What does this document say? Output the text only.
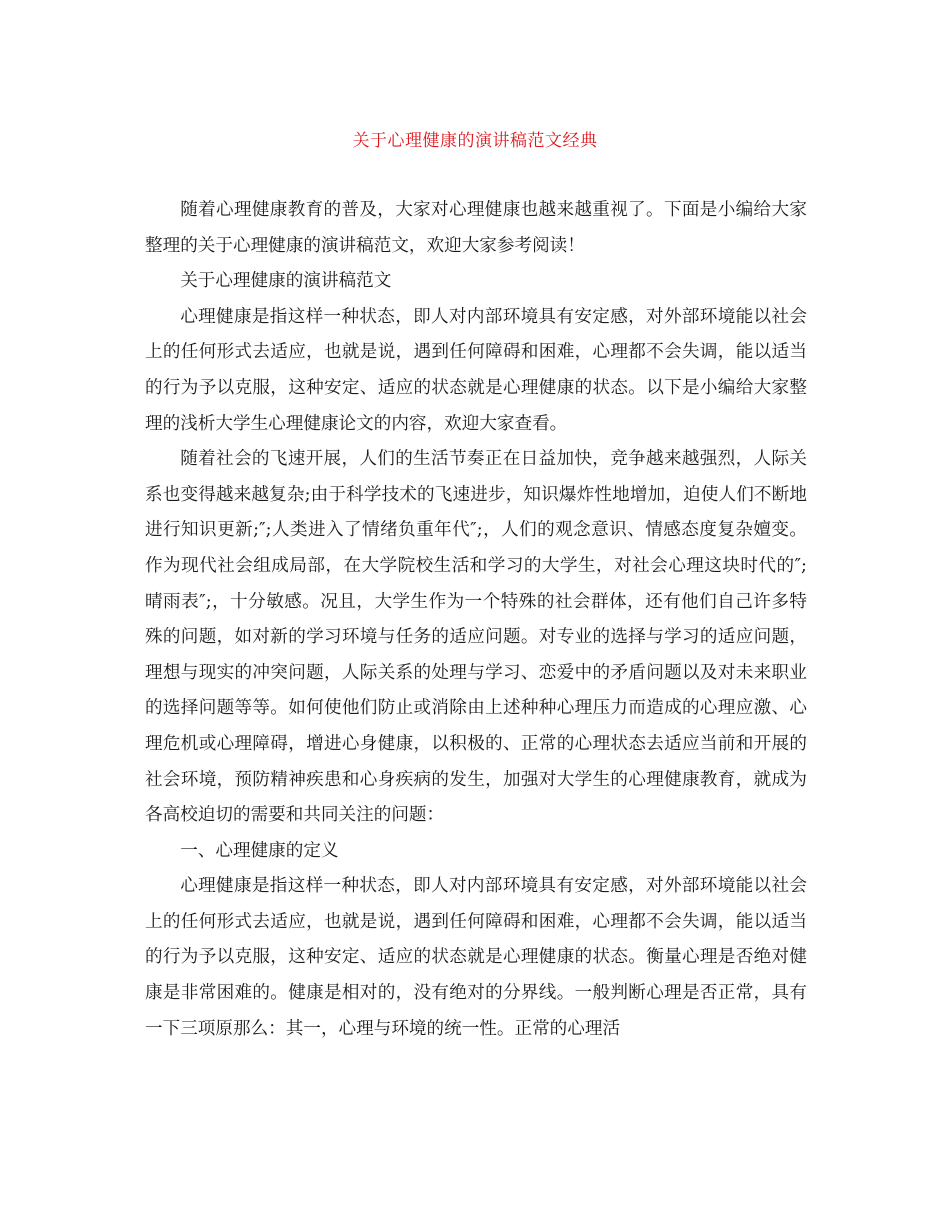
关于心理健康的演讲稿范文经典

随着心理健康教育的普及，大家对心理健康也越来越重视了。下面是小编给大家整理的关于心理健康的演讲稿范文，欢迎大家参考阅读！

关于心理健康的演讲稿范文

心理健康是指这样一种状态，即人对内部环境具有安定感，对外部环境能以社会上的任何形式去适应，也就是说，遇到任何障碍和困难，心理都不会失调，能以适当的行为予以克服，这种安定、适应的状态就是心理健康的状态。以下是小编给大家整理的浅析大学生心理健康论文的内容，欢迎大家查看。

随着社会的飞速开展，人们的生活节奏正在日益加快，竞争越来越强烈，人际关系也变得越来越复杂;由于科学技术的飞速进步，知识爆炸性地增加，迫使人们不断地进行知识更新;″;人类进入了情绪负重年代″;，人们的观念意识、情感态度复杂嬗变。作为现代社会组成局部，在大学院校生活和学习的大学生，对社会心理这块时代的″;晴雨表″;，十分敏感。况且，大学生作为一个特殊的社会群体，还有他们自己许多特殊的问题，如对新的学习环境与任务的适应问题。对专业的选择与学习的适应问题，理想与现实的冲突问题，人际关系的处理与学习、恋爱中的矛盾问题以及对未来职业的选择问题等等。如何使他们防止或消除由上述种种心理压力而造成的心理应激、心理危机或心理障碍，增进心身健康，以积极的、正常的心理状态去适应当前和开展的社会环境，预防精神疾患和心身疾病的发生，加强对大学生的心理健康教育，就成为各高校迫切的需要和共同关注的问题：

一、心理健康的定义

心理健康是指这样一种状态，即人对内部环境具有安定感，对外部环境能以社会上的任何形式去适应，也就是说，遇到任何障碍和困难，心理都不会失调，能以适当的行为予以克服，这种安定、适应的状态就是心理健康的状态。衡量心理是否绝对健康是非常困难的。健康是相对的，没有绝对的分界线。一般判断心理是否正常，具有一下三项原那么：其一，心理与环境的统一性。正常的心理活
